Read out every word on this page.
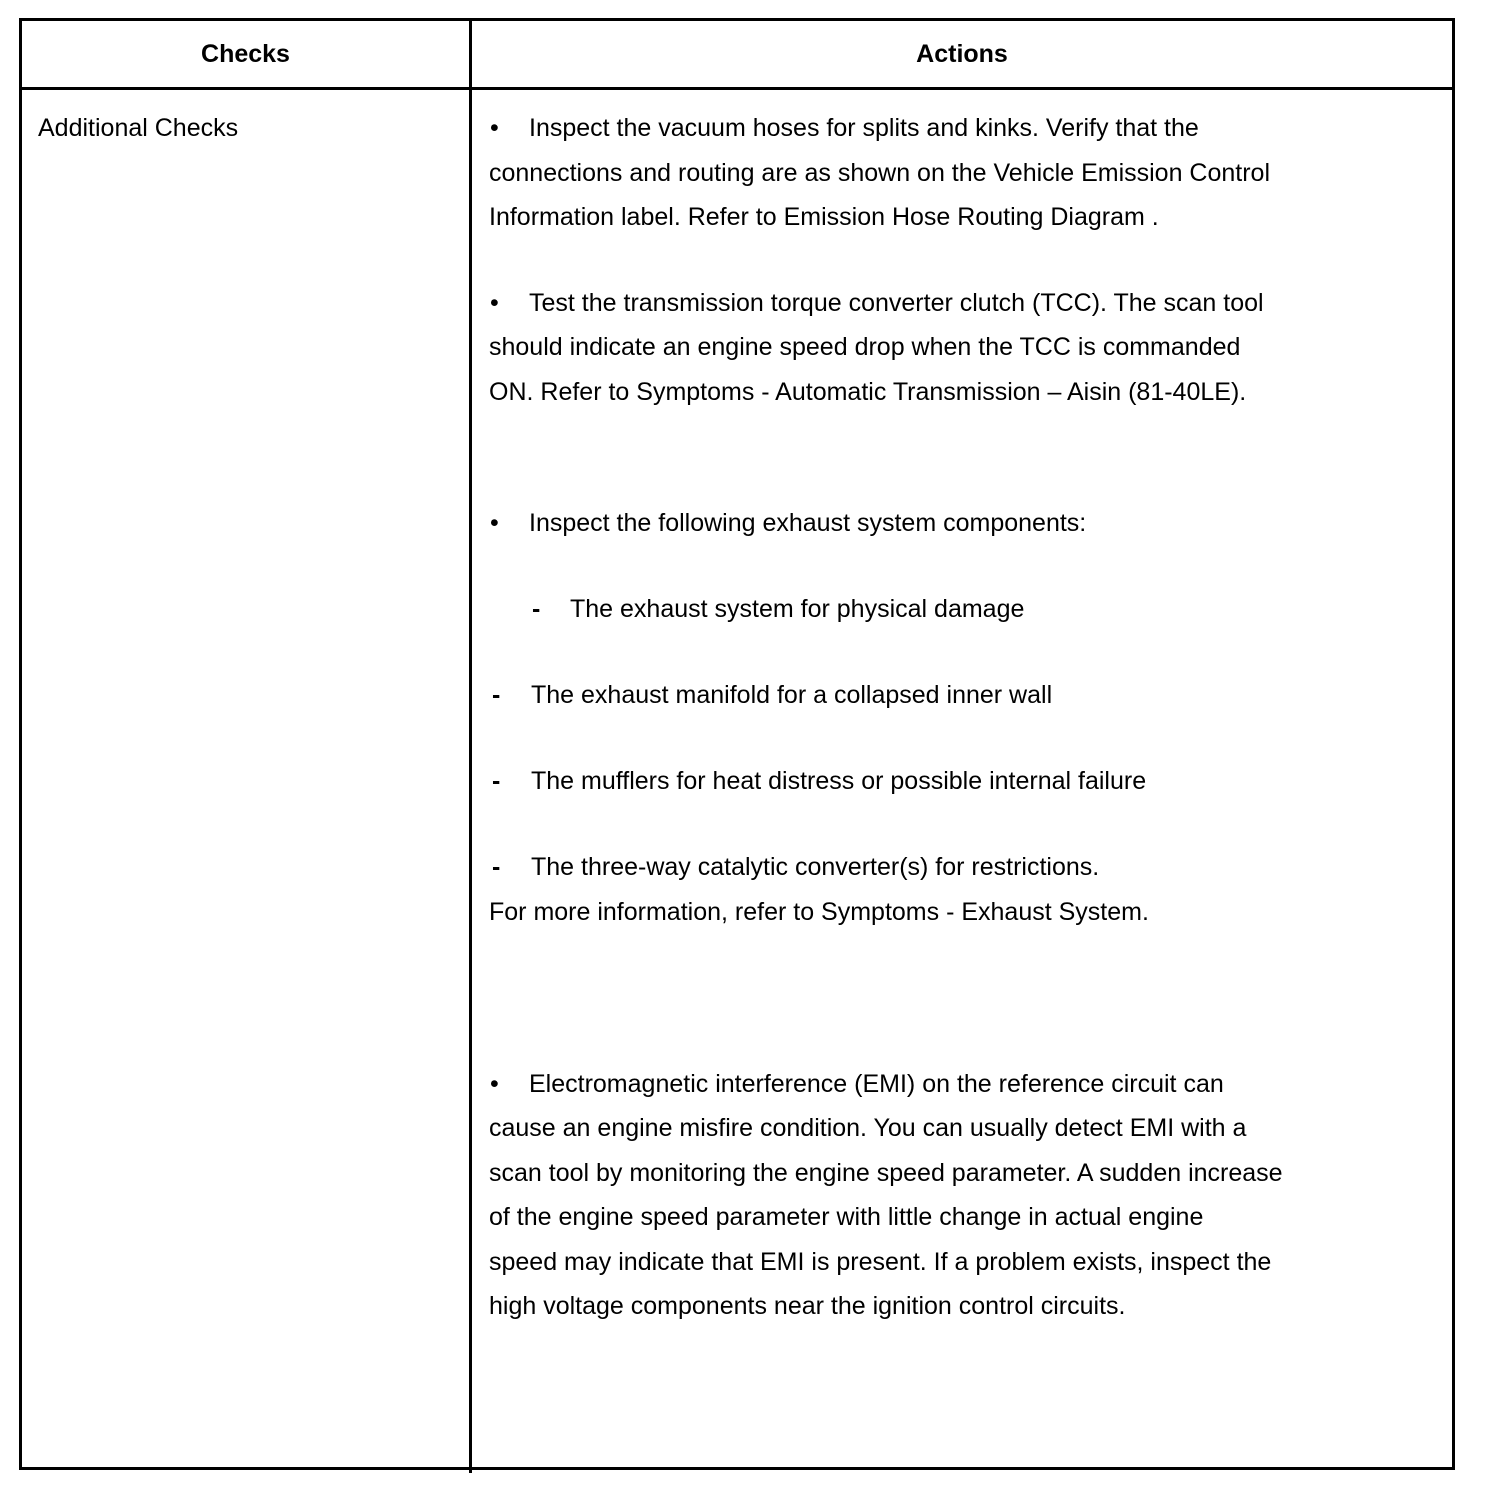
Checks	Actions
Additional Checks	• Inspect the vacuum hoses for splits and kinks. Verify that the
connections and routing are as shown on the Vehicle Emission Control
Information label. Refer to Emission Hose Routing Diagram .
• Test the transmission torque converter clutch (TCC). The scan tool
should indicate an engine speed drop when the TCC is commanded
ON. Refer to Symptoms - Automatic Transmission – Aisin (81-40LE).
• Inspect the following exhaust system components:
- The exhaust system for physical damage
- The exhaust manifold for a collapsed inner wall
- The mufflers for heat distress or possible internal failure
- The three-way catalytic converter(s) for restrictions.
For more information, refer to Symptoms - Exhaust System.
• Electromagnetic interference (EMI) on the reference circuit can
cause an engine misfire condition. You can usually detect EMI with a
scan tool by monitoring the engine speed parameter. A sudden increase
of the engine speed parameter with little change in actual engine
speed may indicate that EMI is present. If a problem exists, inspect the
high voltage components near the ignition control circuits.
